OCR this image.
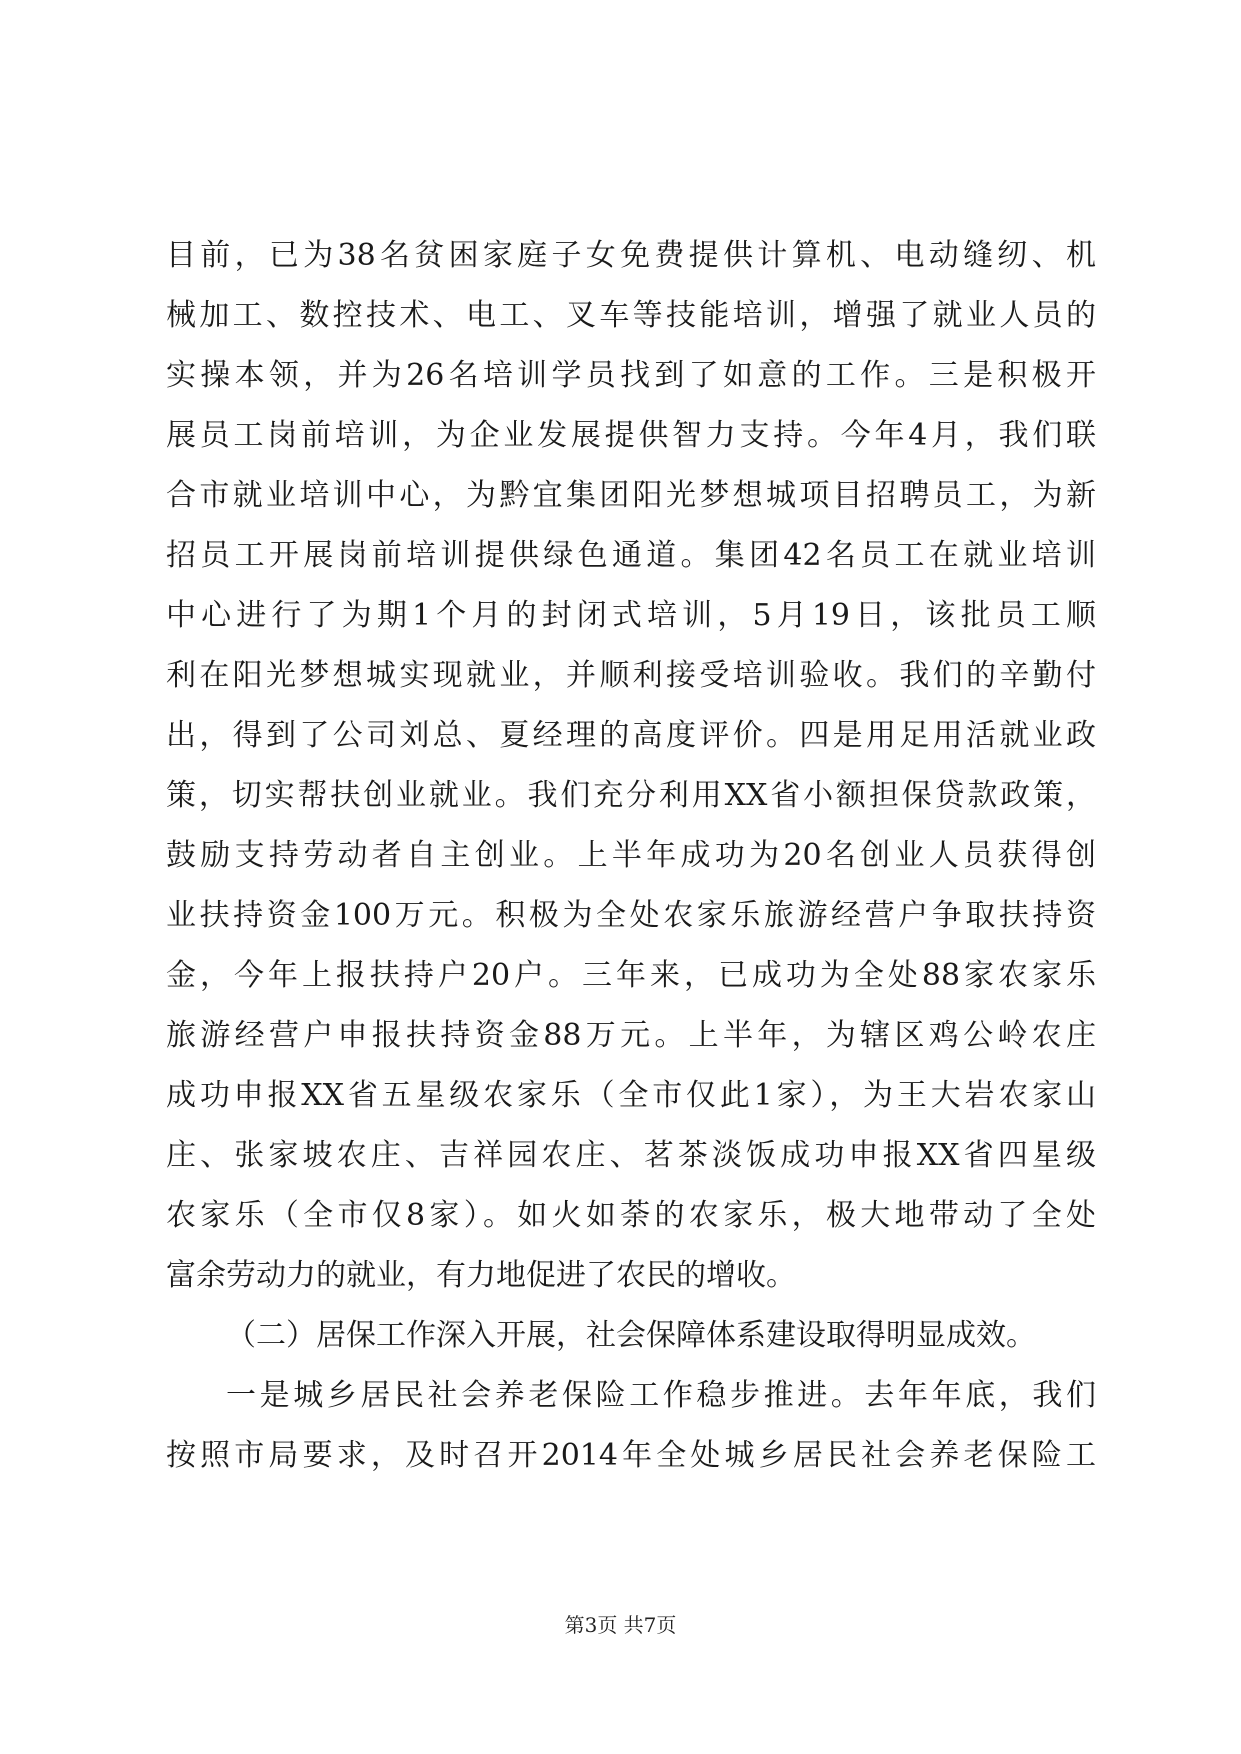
目前，已为38名贫困家庭子女免费提供计算机、电动缝纫、机
械加工、数控技术、电工、叉车等技能培训，增强了就业人员的
实操本领，并为26名培训学员找到了如意的工作。三是积极开
展员工岗前培训，为企业发展提供智力支持。今年4月，我们联
合市就业培训中心，为黔宜集团阳光梦想城项目招聘员工，为新
招员工开展岗前培训提供绿色通道。集团42名员工在就业培训
中心进行了为期1个月的封闭式培训，5月19日，该批员工顺
利在阳光梦想城实现就业，并顺利接受培训验收。我们的辛勤付
出，得到了公司刘总、夏经理的高度评价。四是用足用活就业政
策，切实帮扶创业就业。我们充分利用XX省小额担保贷款政策，
鼓励支持劳动者自主创业。上半年成功为20名创业人员获得创
业扶持资金100万元。积极为全处农家乐旅游经营户争取扶持资
金，今年上报扶持户20户。三年来，已成功为全处88家农家乐
旅游经营户申报扶持资金88万元。上半年，为辖区鸡公岭农庄
成功申报XX省五星级农家乐（全市仅此1家），为王大岩农家山
庄、张家坡农庄、吉祥园农庄、茗茶淡饭成功申报XX省四星级
农家乐（全市仅8家）。如火如荼的农家乐，极大地带动了全处
富余劳动力的就业，有力地促进了农民的增收。
（二）居保工作深入开展，社会保障体系建设取得明显成效。
一是城乡居民社会养老保险工作稳步推进。去年年底，我们
按照市局要求，及时召开2014年全处城乡居民社会养老保险工
第3页 共7页
